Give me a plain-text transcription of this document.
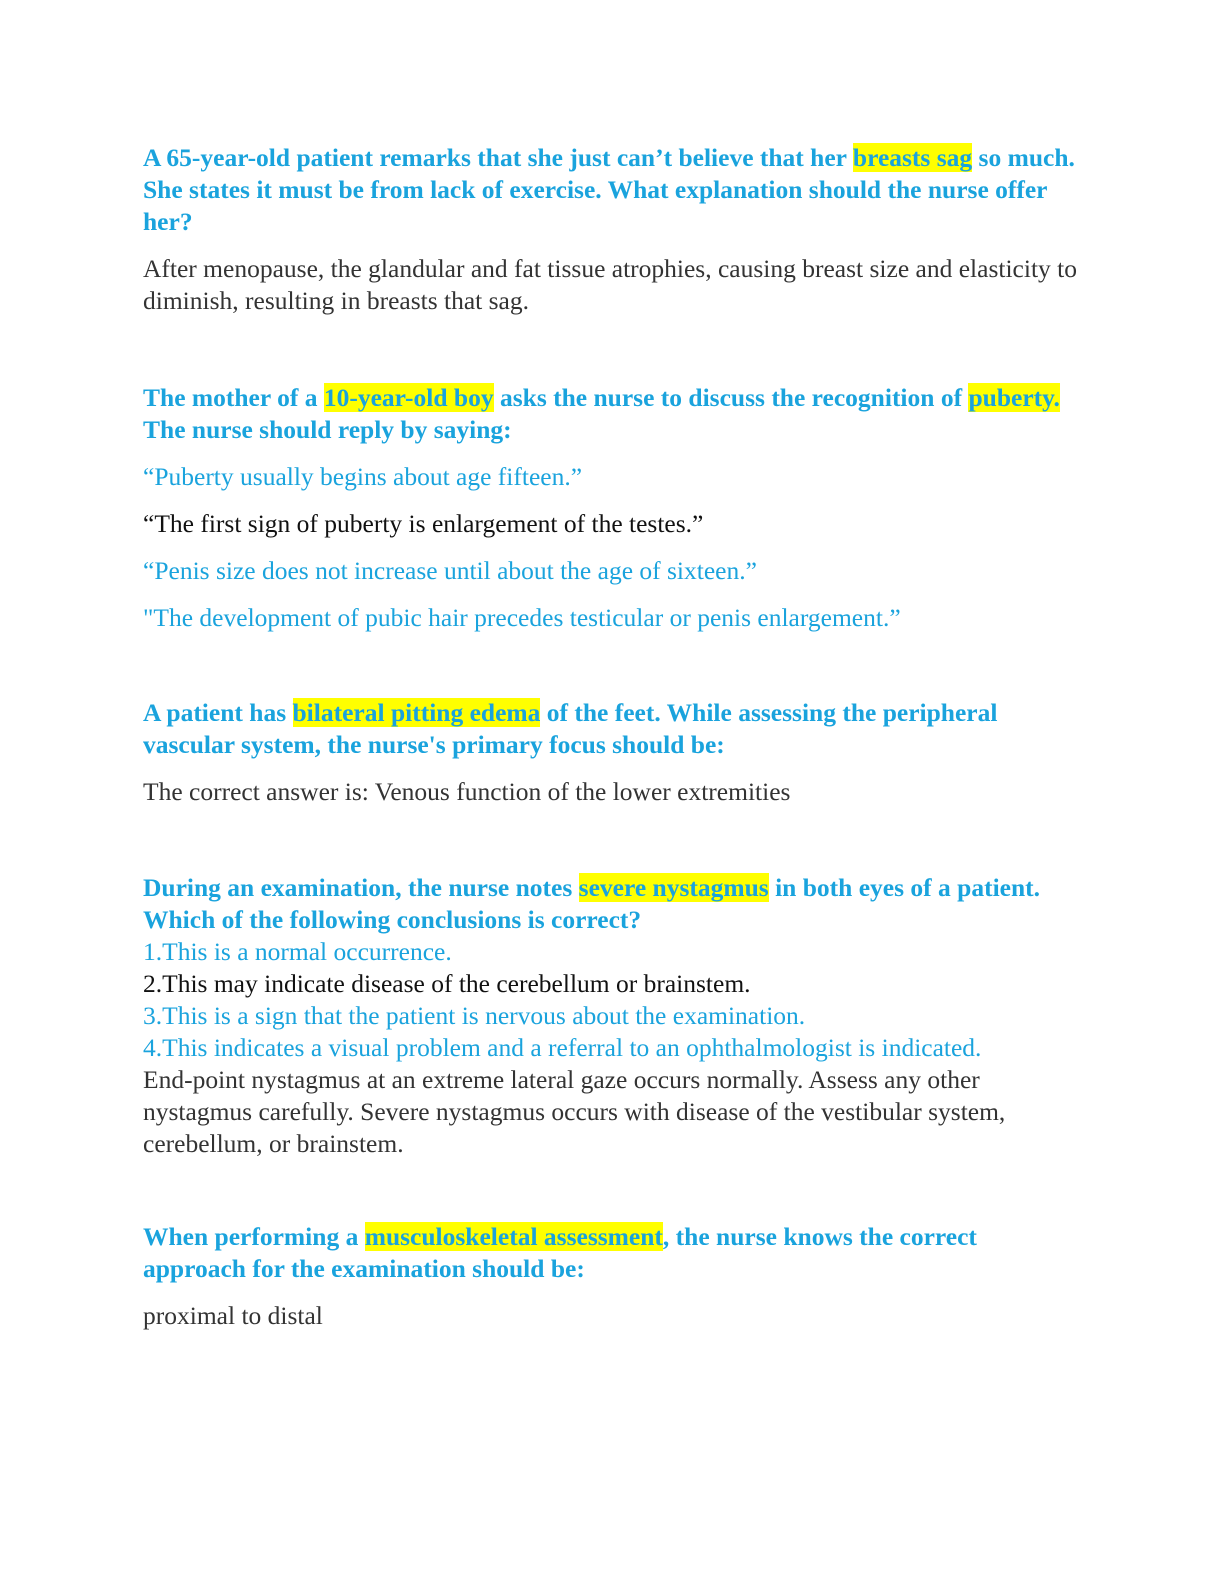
A 65-year-old patient remarks that she just can’t believe that her breasts sag so much. She states it must be from lack of exercise. What explanation should the nurse offer her?

After menopause, the glandular and fat tissue atrophies, causing breast size and elasticity to diminish, resulting in breasts that sag.

The mother of a 10-year-old boy asks the nurse to discuss the recognition of puberty. The nurse should reply by saying:

“Puberty usually begins about age fifteen.”

“The first sign of puberty is enlargement of the testes.”

“Penis size does not increase until about the age of sixteen.”

"The development of pubic hair precedes testicular or penis enlargement.”

A patient has bilateral pitting edema of the feet. While assessing the peripheral vascular system, the nurse's primary focus should be:

The correct answer is: Venous function of the lower extremities

During an examination, the nurse notes severe nystagmus in both eyes of a patient. Which of the following conclusions is correct?

1.This is a normal occurrence.

2.This may indicate disease of the cerebellum or brainstem.

3.This is a sign that the patient is nervous about the examination.

4.This indicates a visual problem and a referral to an ophthalmologist is indicated.

End-point nystagmus at an extreme lateral gaze occurs normally. Assess any other nystagmus carefully. Severe nystagmus occurs with disease of the vestibular system, cerebellum, or brainstem.

When performing a musculoskeletal assessment, the nurse knows the correct approach for the examination should be:

proximal to distal
